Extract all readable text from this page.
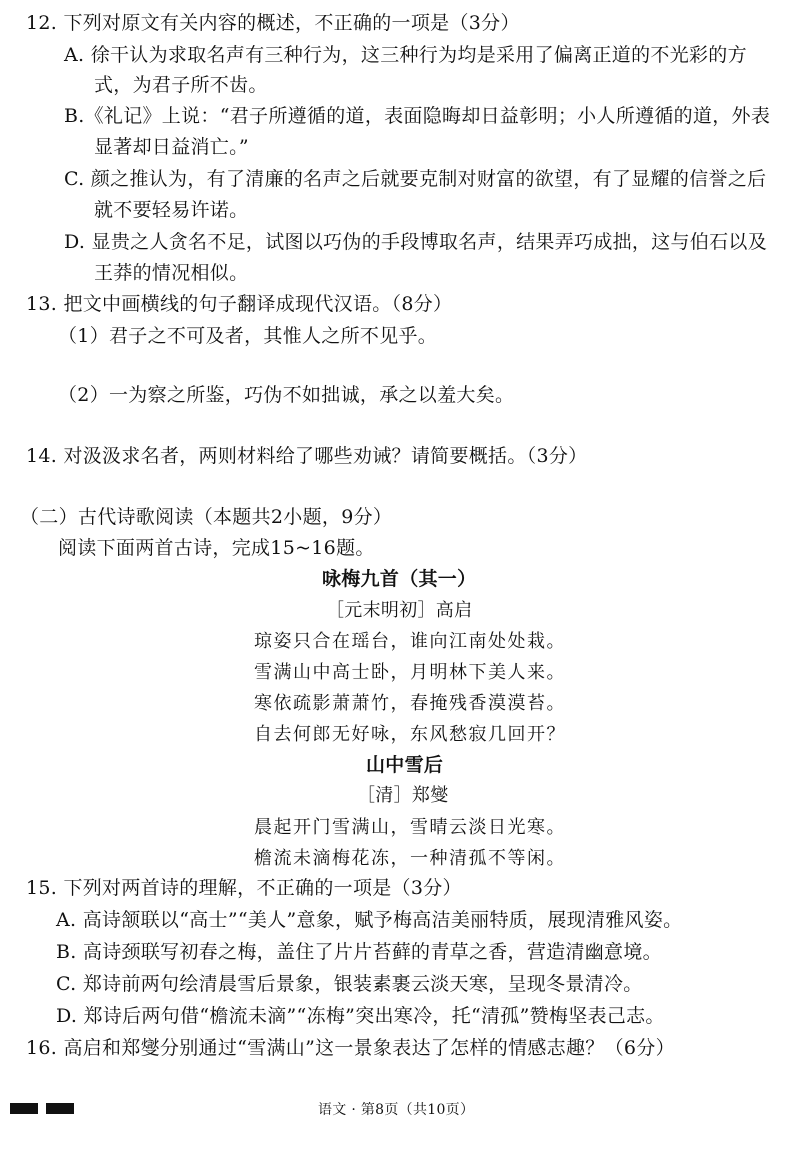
12. 下列对原文有关内容的概述，不正确的一项是（3分）
A. 徐干认为求取名声有三种行为，这三种行为均是采用了偏离正道的不光彩的方
式，为君子所不齿。
B.《礼记》上说：“君子所遵循的道，表面隐晦却日益彰明；小人所遵循的道，外表
显著却日益消亡。”
C. 颜之推认为，有了清廉的名声之后就要克制对财富的欲望，有了显耀的信誉之后
就不要轻易许诺。
D. 显贵之人贪名不足，试图以巧伪的手段博取名声，结果弄巧成拙，这与伯石以及
王莽的情况相似。
13. 把文中画横线的句子翻译成现代汉语。（8分）
（1）君子之不可及者，其惟人之所不见乎。
（2）一为察之所鉴，巧伪不如拙诚，承之以羞大矣。
14. 对汲汲求名者，两则材料给了哪些劝诫？请简要概括。（3分）
（二）古代诗歌阅读（本题共2小题，9分）
阅读下面两首古诗，完成15~16题。
咏梅九首（其一）
［元末明初］高启
琼姿只合在瑶台，谁向江南处处栽。
雪满山中高士卧，月明林下美人来。
寒依疏影萧萧竹，春掩残香漠漠苔。
自去何郎无好咏，东风愁寂几回开？
山中雪后
［清］郑燮
晨起开门雪满山，雪晴云淡日光寒。
檐流未滴梅花冻，一种清孤不等闲。
15. 下列对两首诗的理解，不正确的一项是（3分）
A. 高诗颔联以“高士”“美人”意象，赋予梅高洁美丽特质，展现清雅风姿。
B. 高诗颈联写初春之梅，盖住了片片苔藓的青草之香，营造清幽意境。
C. 郑诗前两句绘清晨雪后景象，银装素裹云淡天寒，呈现冬景清冷。
D. 郑诗后两句借“檐流未滴”“冻梅”突出寒冷，托“清孤”赞梅坚表己志。
16. 高启和郑燮分别通过“雪满山”这一景象表达了怎样的情感志趣？（6分）
语文 · 第8页（共10页）
